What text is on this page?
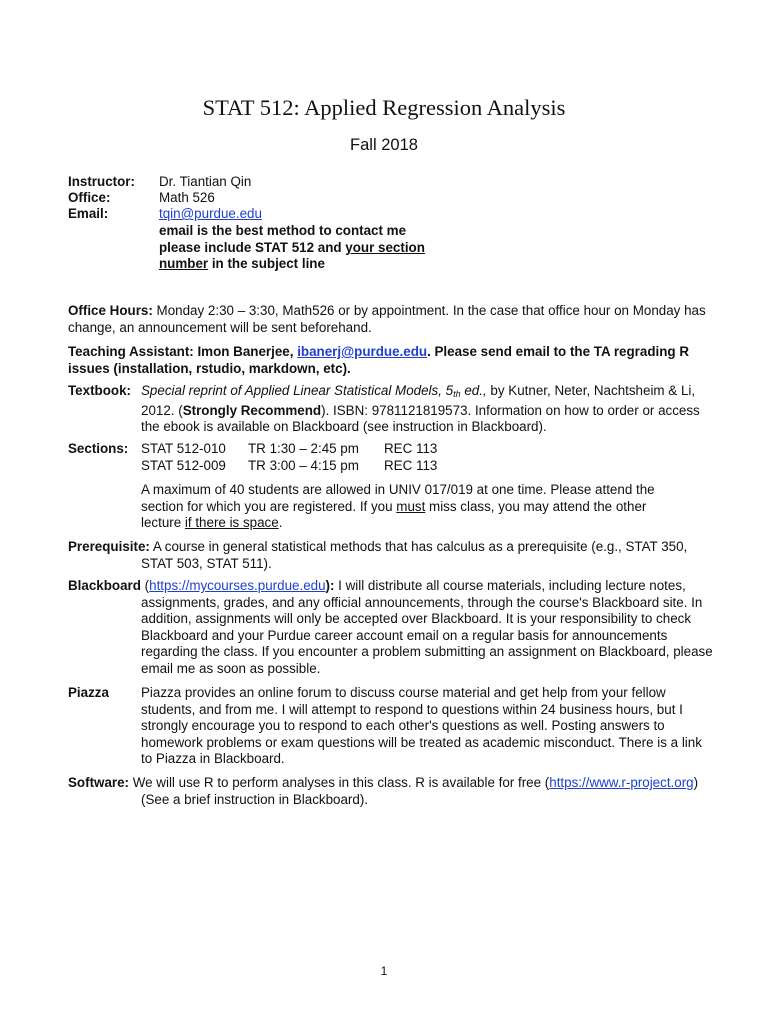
STAT 512: Applied Regression Analysis
Fall 2018
Instructor: Dr. Tiantian Qin
Office:	Math 526
Email:	tqin@purdue.edu
email is the best method to contact me
please include STAT 512 and your section
number in the subject line
Office Hours: Monday 2:30 – 3:30, Math526 or by appointment. In the case that office hour on Monday has change, an announcement will be sent beforehand.
Teaching Assistant: Imon Banerjee, ibanerj@purdue.edu. Please send email to the TA regrading R issues (installation, rstudio, markdown, etc).
Textbook: Special reprint of Applied Linear Statistical Models, $5_{th}$ ed., by Kutner, Neter, Nachtsheim & Li, 2012. (Strongly Recommend). ISBN: 9781121819573. Information on how to order or access the ebook is available on Blackboard (see instruction in Blackboard).
Sections: STAT 512-010 TR 1:30 – 2:45 pm REC 113
STAT 512-009 TR 3:00 – 4:15 pm REC 113
A maximum of 40 students are allowed in UNIV 017/019 at one time. Please attend the section for which you are registered. If you must miss class, you may attend the other lecture if there is space.
Prerequisite: A course in general statistical methods that has calculus as a prerequisite (e.g., STAT 350, STAT 503, STAT 511).
Blackboard (https://mycourses.purdue.edu): I will distribute all course materials, including lecture notes, assignments, grades, and any official announcements, through the course's Blackboard site. In addition, assignments will only be accepted over Blackboard. It is your responsibility to check Blackboard and your Purdue career account email on a regular basis for announcements regarding the class. If you encounter a problem submitting an assignment on Blackboard, please email me as soon as possible.
Piazza Piazza provides an online forum to discuss course material and get help from your fellow students, and from me. I will attempt to respond to questions within 24 business hours, but I strongly encourage you to respond to each other's questions as well. Posting answers to homework problems or exam questions will be treated as academic misconduct. There is a link to Piazza in Blackboard.
Software: We will use R to perform analyses in this class. R is available for free (https://www.r-project.org) (See a brief instruction in Blackboard).
1
